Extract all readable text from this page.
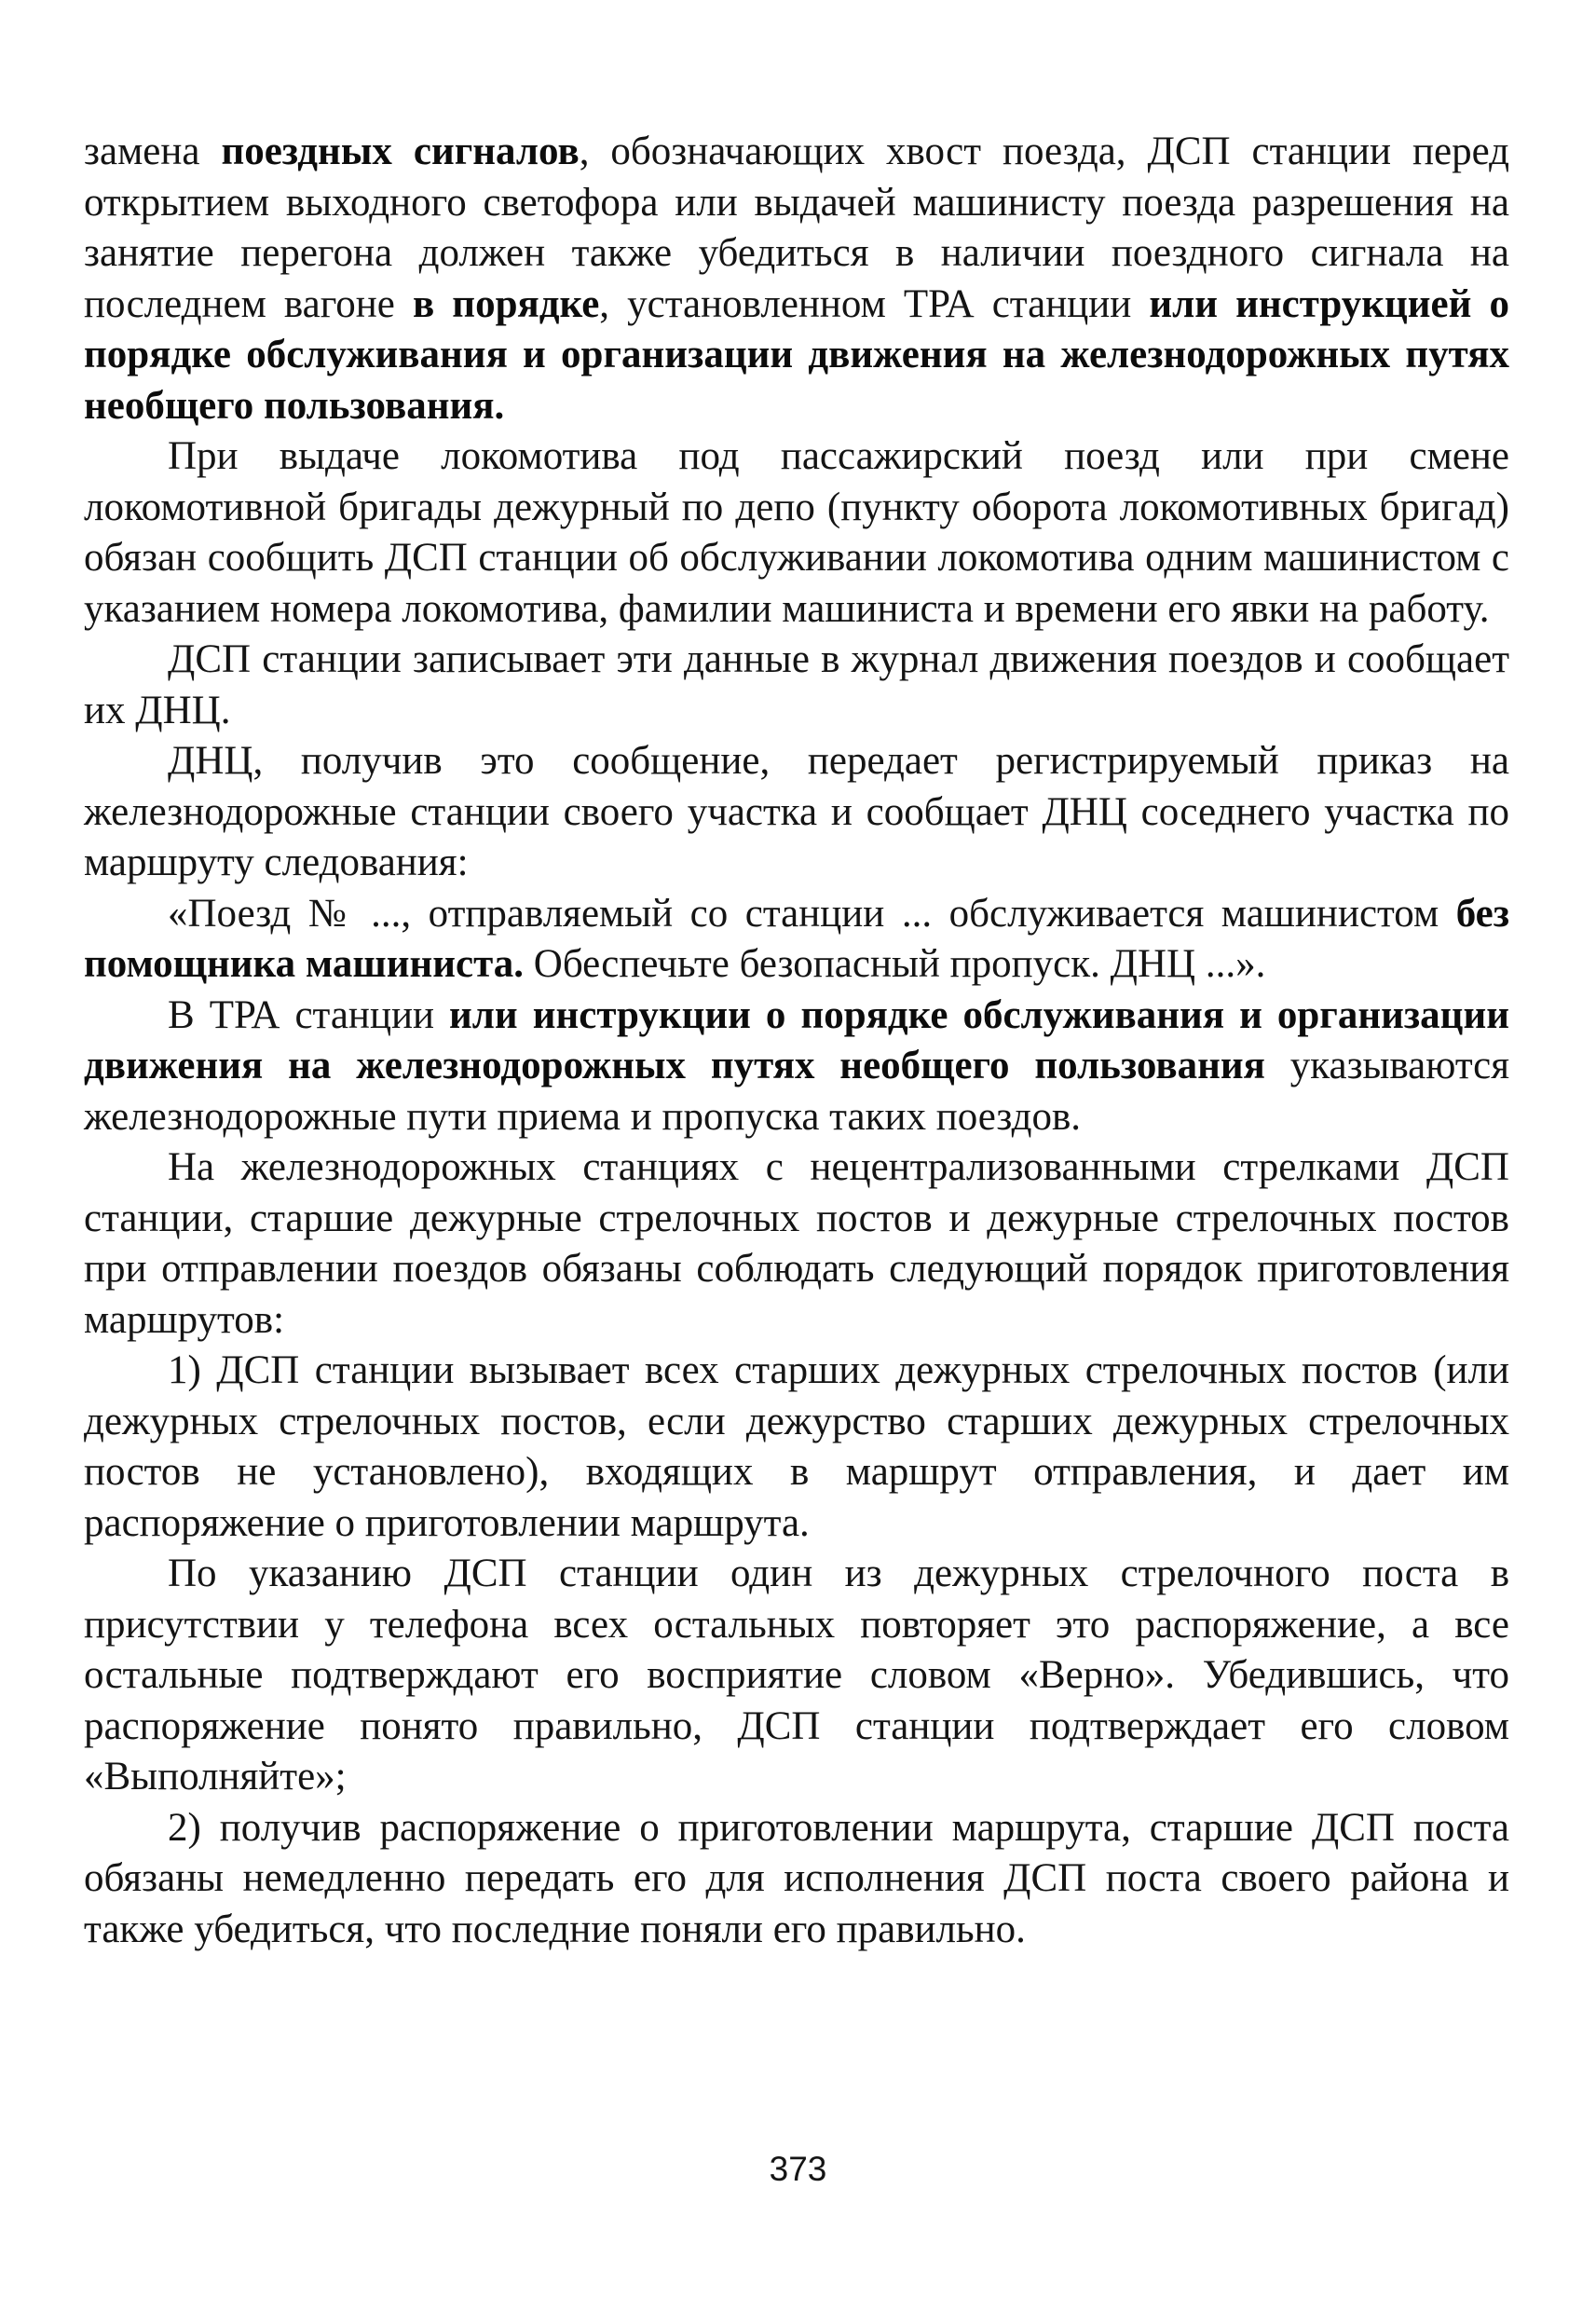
замена поездных сигналов, обозначающих хвост поезда, ДСП станции перед открытием выходного светофора или выдачей машинисту поезда разрешения на занятие перегона должен также убедиться в наличии поездного сигнала на последнем вагоне в порядке, установленном ТРА станции или инструкцией о порядке обслуживания и организации движения на железнодорожных путях необщего пользования.

При выдаче локомотива под пассажирский поезд или при смене локомотивной бригады дежурный по депо (пункту оборота локомотивных бригад) обязан сообщить ДСП станции об обслуживании локомотива одним машинистом с указанием номера локомотива, фамилии машиниста и времени его явки на работу.

ДСП станции записывает эти данные в журнал движения поездов и сообщает их ДНЦ.

ДНЦ, получив это сообщение, передает регистрируемый приказ на железнодорожные станции своего участка и сообщает ДНЦ соседнего участка по маршруту следования:

«Поезд № ..., отправляемый со станции ... обслуживается машинистом без помощника машиниста. Обеспечьте безопасный пропуск. ДНЦ ...».

В ТРА станции или инструкции о порядке обслуживания и организации движения на железнодорожных путях необщего пользования указываются железнодорожные пути приема и пропуска таких поездов.

На железнодорожных станциях с нецентрализованными стрелками ДСП станции, старшие дежурные стрелочных постов и дежурные стрелочных постов при отправлении поездов обязаны соблюдать следующий порядок приготовления маршрутов:

1) ДСП станции вызывает всех старших дежурных стрелочных постов (или дежурных стрелочных постов, если дежурство старших дежурных стрелочных постов не установлено), входящих в маршрут отправления, и дает им распоряжение о приготовлении маршрута.

По указанию ДСП станции один из дежурных стрелочного поста в присутствии у телефона всех остальных повторяет это распоряжение, а все остальные подтверждают его восприятие словом «Верно». Убедившись, что распоряжение понято правильно, ДСП станции подтверждает его словом «Выполняйте»;

2) получив распоряжение о приготовлении маршрута, старшие ДСП поста обязаны немедленно передать его для исполнения ДСП поста своего района и также убедиться, что последние поняли его правильно.

373
